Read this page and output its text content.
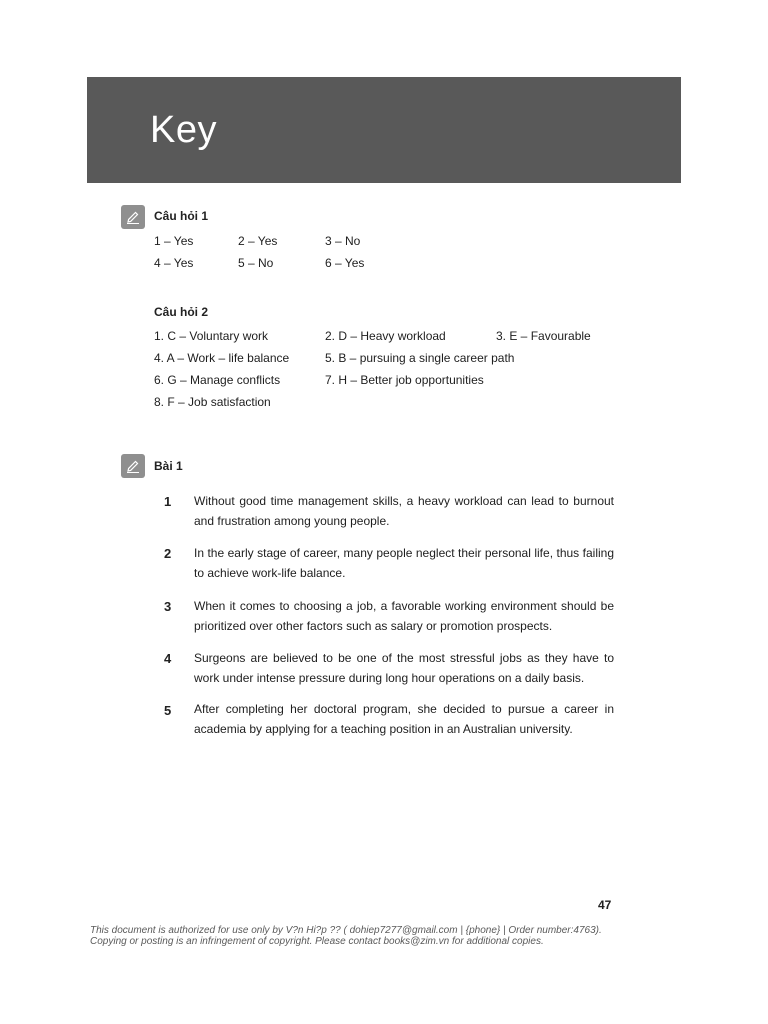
Key
Câu hỏi 1
1 – Yes	2 – Yes	3 – No
4 – Yes	5 – No	6 – Yes
Câu hỏi 2
1. C – Voluntary work	2. D – Heavy workload	3. E – Favourable
4. A – Work – life balance	5. B – pursuing a single career path
6. G – Manage conflicts	7. H – Better job opportunities
8. F – Job satisfaction
Bài 1
1	Without good time management skills, a heavy workload can lead to burnout and frustration among young people.
2	In the early stage of career, many people neglect their personal life, thus failing to achieve work-life balance.
3	When it comes to choosing a job, a favorable working environment should be prioritized over other factors such as salary or promotion prospects.
4	Surgeons are believed to be one of the most stressful jobs as they have to work under intense pressure during long hour operations on a daily basis.
5	After completing her doctoral program, she decided to pursue a career in academia by applying for a teaching position in an Australian university.
47
This document is authorized for use only by V?n Hi?p ?? ( dohiep7277@gmail.com | {phone} | Order number:4763).
Copying or posting is an infringement of copyright. Please contact books@zim.vn for additional copies.
